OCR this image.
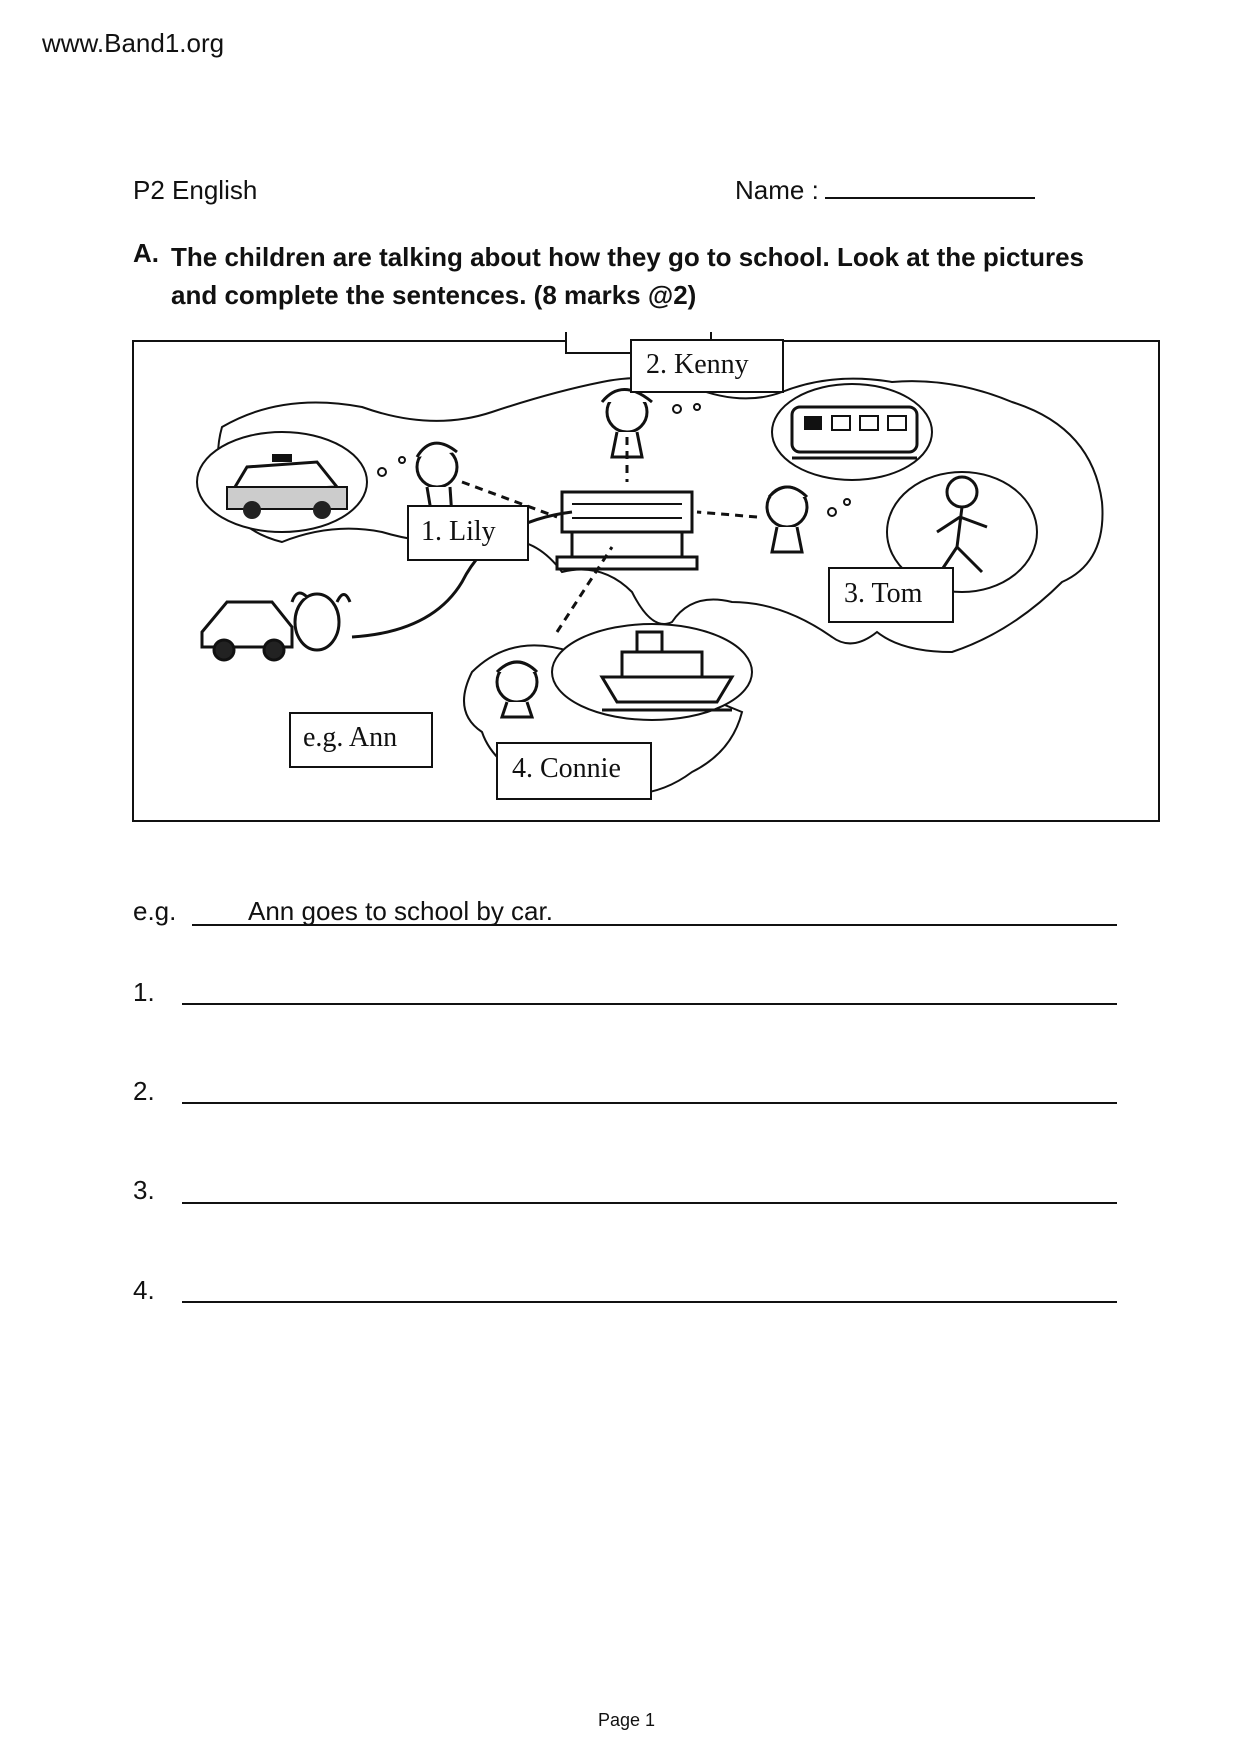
www.Band1.org
P2 English	Name :
A. The children are talking about how they go to school. Look at the pictures and complete the sentences. (8 marks @2)
2. Kenny
1. Lily
3. Tom
e.g. Ann
4. Connie
e.g.	Ann goes to school by car.
1.
2.
3.
4.
Page 1
